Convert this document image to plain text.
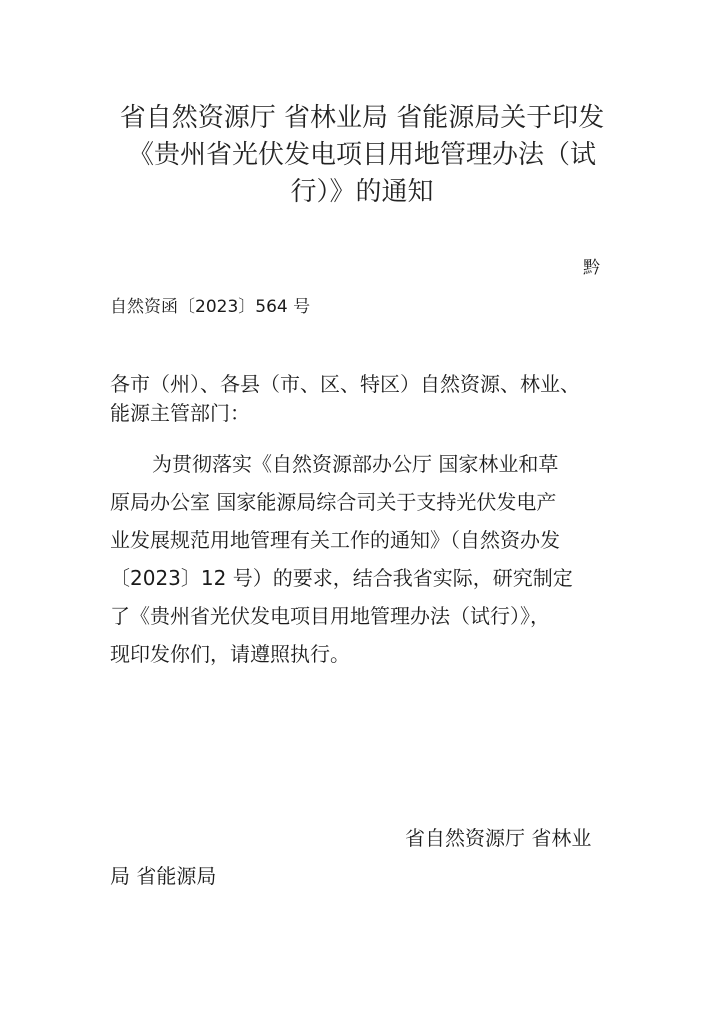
省自然资源厅 省林业局 省能源局关于印发
《贵州省光伏发电项目用地管理办法（试
行）》的通知
黔
自然资函〔2023〕564 号
各市（州）、各县（市、区、特区）自然资源、林业、
能源主管部门：
为贯彻落实《自然资源部办公厅 国家林业和草
原局办公室 国家能源局综合司关于支持光伏发电产
业发展规范用地管理有关工作的通知》（自然资办发
〔2023〕12 号）的要求，结合我省实际，研究制定
了《贵州省光伏发电项目用地管理办法（试行）》，
现印发你们，请遵照执行。
省自然资源厅 省林业
局 省能源局
